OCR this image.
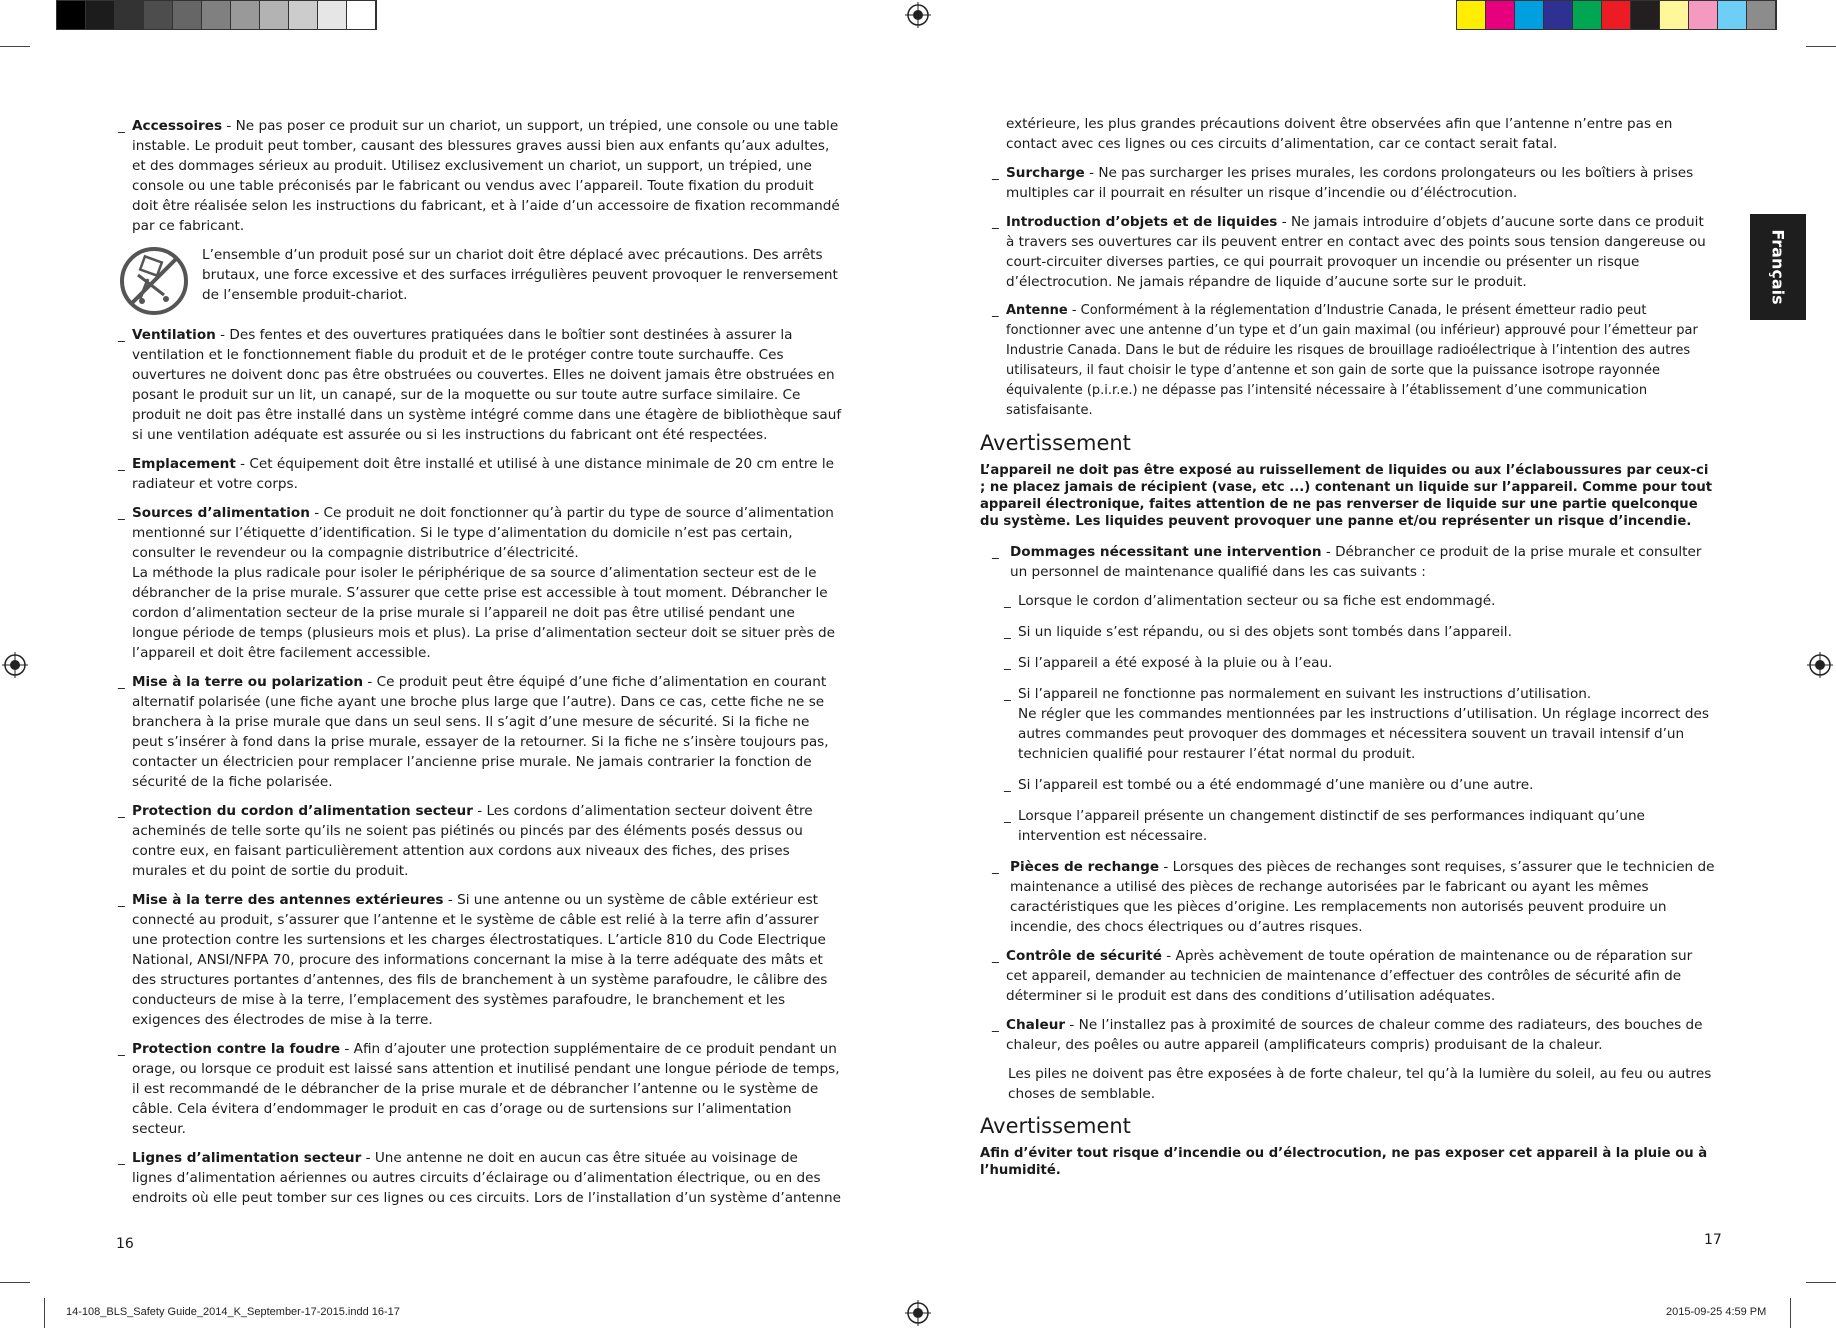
_ Accessoires - Ne pas poser ce produit sur un chariot, un support, un trépied, une console ou une table instable. Le produit peut tomber, causant des blessures graves aussi bien aux enfants qu’aux adultes, et des dommages sérieux au produit. Utilisez exclusivement un chariot, un support, un trépied, une console ou une table préconisés par le fabricant ou vendus avec l’appareil. Toute fixation du produit doit être réalisée selon les instructions du fabricant, et à l’aide d’un accessoire de fixation recommandé par ce fabricant.

L’ensemble d’un produit posé sur un chariot doit être déplacé avec précautions. Des arrêts brutaux, une force excessive et des surfaces irrégulières peuvent provoquer le renversement de l’ensemble produit-chariot.

_ Ventilation - Des fentes et des ouvertures pratiquées dans le boîtier sont destinées à assurer la ventilation et le fonctionnement fiable du produit et de le protéger contre toute surchauffe. Ces ouvertures ne doivent donc pas être obstruées ou couvertes. Elles ne doivent jamais être obstruées en posant le produit sur un lit, un canapé, sur de la moquette ou sur toute autre surface similaire. Ce produit ne doit pas être installé dans un système intégré comme dans une étagère de bibliothèque sauf si une ventilation adéquate est assurée ou si les instructions du fabricant ont été respectées.

_ Emplacement - Cet équipement doit être installé et utilisé à une distance minimale de 20 cm entre le radiateur et votre corps.

_ Sources d’alimentation - Ce produit ne doit fonctionner qu’à partir du type de source d’alimentation mentionné sur l’étiquette d’identification. Si le type d’alimentation du domicile n’est pas certain, consulter le revendeur ou la compagnie distributrice d’électricité.

La méthode la plus radicale pour isoler le périphérique de sa source d’alimentation secteur est de le débrancher de la prise murale. S’assurer que cette prise est accessible à tout moment. Débrancher le cordon d’alimentation secteur de la prise murale si l’appareil ne doit pas être utilisé pendant une longue période de temps (plusieurs mois et plus). La prise d’alimentation secteur doit se situer près de l’appareil et doit être facilement accessible.

_ Mise à la terre ou polarization - Ce produit peut être équipé d’une fiche d’alimentation en courant alternatif polarisée (une fiche ayant une broche plus large que l’autre). Dans ce cas, cette fiche ne se branchera à la prise murale que dans un seul sens. Il s’agit d’une mesure de sécurité. Si la fiche ne peut s’insérer à fond dans la prise murale, essayer de la retourner. Si la fiche ne s’insère toujours pas, contacter un électricien pour remplacer l’ancienne prise murale. Ne jamais contrarier la fonction de sécurité de la fiche polarisée.

_ Protection du cordon d’alimentation secteur - Les cordons d’alimentation secteur doivent être acheminés de telle sorte qu’ils ne soient pas piétinés ou pincés par des éléments posés dessus ou contre eux, en faisant particulièrement attention aux cordons aux niveaux des fiches, des prises murales et du point de sortie du produit.

_ Mise à la terre des antennes extérieures - Si une antenne ou un système de câble extérieur est connecté au produit, s’assurer que l’antenne et le système de câble est relié à la terre afin d’assurer une protection contre les surtensions et les charges électrostatiques. L’article 810 du Code Electrique National, ANSI/NFPA 70, procure des informations concernant la mise à la terre adéquate des mâts et des structures portantes d’antennes, des fils de branchement à un système parafoudre, le câlibre des conducteurs de mise à la terre, l’emplacement des systèmes parafoudre, le branchement et les exigences des électrodes de mise à la terre.

_ Protection contre la foudre - Afin d’ajouter une protection supplémentaire de ce produit pendant un orage, ou lorsque ce produit est laissé sans attention et inutilisé pendant une longue période de temps, il est recommandé de le débrancher de la prise murale et de débrancher l’antenne ou le système de câble. Cela évitera d’endommager le produit en cas d’orage ou de surtensions sur l’alimentation secteur.

_ Lignes d’alimentation secteur - Une antenne ne doit en aucun cas être située au voisinage de lignes d’alimentation aériennes ou autres circuits d’éclairage ou d’alimentation électrique, ou en des endroits où elle peut tomber sur ces lignes ou ces circuits. Lors de l’installation d’un système d’antenne

16
extérieure, les plus grandes précautions doivent être observées afin que l’antenne n’entre pas en contact avec ces lignes ou ces circuits d’alimentation, car ce contact serait fatal.

_ Surcharge - Ne pas surcharger les prises murales, les cordons prolongateurs ou les boîtiers à prises multiples car il pourrait en résulter un risque d’incendie ou d’éléctrocution.

_ Introduction d’objets et de liquides - Ne jamais introduire d’objets d’aucune sorte dans ce produit à travers ses ouvertures car ils peuvent entrer en contact avec des points sous tension dangereuse ou court-circuiter diverses parties, ce qui pourrait provoquer un incendie ou présenter un risque d’électrocution. Ne jamais répandre de liquide d’aucune sorte sur le produit.

_ Antenne - Conformément à la réglementation d’Industrie Canada, le présent émetteur radio peut fonctionner avec une antenne d’un type et d’un gain maximal (ou inférieur) approuvé pour l’émetteur par Industrie Canada. Dans le but de réduire les risques de brouillage radioélectrique à l’intention des autres utilisateurs, il faut choisir le type d’antenne et son gain de sorte que la puissance isotrope rayonnée équivalente (p.i.r.e.) ne dépasse pas l’intensité nécessaire à l’établissement d’une communication satisfaisante.

Avertissement
L’appareil ne doit pas être exposé au ruissellement de liquides ou aux l’éclaboussures par ceux-ci ; ne placez jamais de récipient (vase, etc ...) contenant un liquide sur l’appareil. Comme pour tout appareil électronique, faites attention de ne pas renverser de liquide sur une partie quelconque du système. Les liquides peuvent provoquer une panne et/ou représenter un risque d’incendie.

_ Dommages nécessitant une intervention - Débrancher ce produit de la prise murale et consulter un personnel de maintenance qualifié dans les cas suivants :

_ Lorsque le cordon d’alimentation secteur ou sa fiche est endommagé.
_ Si un liquide s’est répandu, ou si des objets sont tombés dans l’appareil.
_ Si l’appareil a été exposé à la pluie ou à l’eau.
_ Si l’appareil ne fonctionne pas normalement en suivant les instructions d’utilisation.
Ne régler que les commandes mentionnées par les instructions d’utilisation. Un réglage incorrect des autres commandes peut provoquer des dommages et nécessitera souvent un travail intensif d’un technicien qualifié pour restaurer l’état normal du produit.
_ Si l’appareil est tombé ou a été endommagé d’une manière ou d’une autre.
_ Lorsque l’appareil présente un changement distinctif de ses performances indiquant qu’une intervention est nécessaire.

_ Pièces de rechange - Lorsques des pièces de rechanges sont requises, s’assurer que le technicien de maintenance a utilisé des pièces de rechange autorisées par le fabricant ou ayant les mêmes caractéristiques que les pièces d’origine. Les remplacements non autorisés peuvent produire un incendie, des chocs électriques ou d’autres risques.

_ Contrôle de sécurité - Après achèvement de toute opération de maintenance ou de réparation sur cet appareil, demander au technicien de maintenance d’effectuer des contrôles de sécurité afin de déterminer si le produit est dans des conditions d’utilisation adéquates.

_ Chaleur - Ne l’installez pas à proximité de sources de chaleur comme des radiateurs, des bouches de chaleur, des poêles ou autre appareil (amplificateurs compris) produisant de la chaleur.

Les piles ne doivent pas être exposées à de forte chaleur, tel qu’à la lumière du soleil, au feu ou autres choses de semblable.
Avertissement
Afin d’éviter tout risque d’incendie ou d’électrocution, ne pas exposer cet appareil à la pluie ou à l’humidité.
17
Français
14-108_BLS_Safety Guide_2014_K_September-17-2015.indd 16-17	2015-09-25 4:59 PM
